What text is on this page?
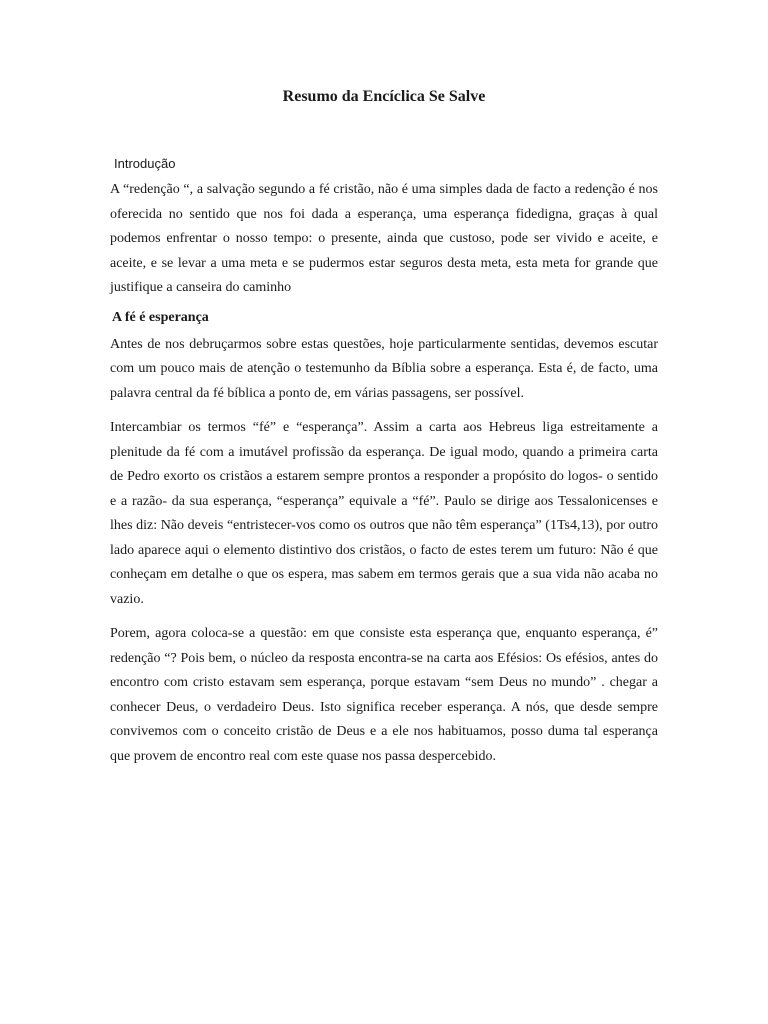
Resumo da Encíclica Se Salve
Introdução

A “redenção “, a salvação segundo a fé cristão, não é uma simples dada de facto a redenção é nos oferecida no sentido que nos foi dada a esperança, uma esperança fidedigna, graças à qual podemos enfrentar o nosso tempo: o presente, ainda que custoso, pode ser vivido e aceite, e aceite, e se levar a uma meta e se pudermos estar seguros desta meta, esta meta for grande que justifique a canseira do caminho

A fé é esperança

Antes de nos debruçarmos sobre estas questões, hoje particularmente sentidas, devemos escutar com um pouco mais de atenção o testemunho da Bíblia sobre a esperança. Esta é, de facto, uma palavra central da fé bíblica a ponto de, em várias passagens, ser possível.

Intercambiar os termos “fé” e “esperança”. Assim a carta aos Hebreus liga estreitamente a plenitude da fé com a imutável profissão da esperança. De igual modo, quando a primeira carta de Pedro exorto os cristãos a estarem sempre prontos a responder a propósito do logos- o sentido e a razão- da sua esperança, “esperança” equivale a “fé”. Paulo se dirige aos Tessalonicenses e lhes diz: Não deveis “entristecer-vos como os outros que não têm esperança” (1Ts4,13), por outro lado aparece aqui o elemento distintivo dos cristãos, o facto de estes terem um futuro: Não é que conheçam em detalhe o que os espera, mas sabem em termos gerais que a sua vida não acaba no vazio.

Porem, agora coloca-se a questão: em que consiste esta esperança que, enquanto esperança, é” redenção “? Pois bem, o núcleo da resposta encontra-se na carta aos Efésios: Os efésios, antes do encontro com cristo estavam sem esperança, porque estavam “sem Deus no mundo” . chegar a conhecer Deus, o verdadeiro Deus. Isto significa receber esperança. A nós, que desde sempre convivemos com o conceito cristão de Deus e a ele nos habituamos, posso duma tal esperança que provem de encontro real com este quase nos passa despercebido.
